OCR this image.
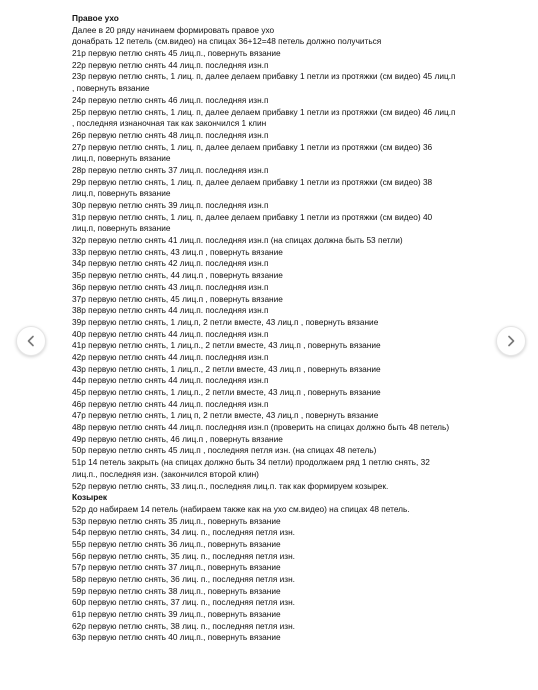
Правое ухо
Далее в 20 ряду начинаем формировать правое ухо
донабрать 12 петель (см.видео) на спицах 36+12=48 петель должно получиться
21р первую петлю снять 45 лиц.п., повернуть вязание
22р первую петлю снять 44 лиц.п. последняя изн.п
23р первую петлю снять, 1 лиц. п, далее делаем прибавку 1 петли из протяжки (см видео) 45 лиц.п
, повернуть вязание
24р первую петлю снять 46 лиц.п. последняя изн.п
25р первую петлю снять, 1 лиц. п, далее делаем прибавку 1 петли из протяжки (см видео) 46 лиц.п
, последняя изнаночная так как закончился 1 клин
26р первую петлю снять 48 лиц.п. последняя изн.п
27р первую петлю снять, 1 лиц. п, далее делаем прибавку 1 петли из протяжки (см видео) 36
лиц.п, повернуть вязание
28р первую петлю снять 37 лиц.п. последняя изн.п
29р первую петлю снять, 1 лиц. п, далее делаем прибавку 1 петли из протяжки (см видео) 38
лиц.п, повернуть вязание
30р первую петлю снять 39 лиц.п. последняя изн.п
31р первую петлю снять, 1 лиц. п, далее делаем прибавку 1 петли из протяжки (см видео) 40
лиц.п, повернуть вязание
32р первую петлю снять 41 лиц.п. последняя изн.п (на спицах должна быть 53 петли)
33р первую петлю снять, 43 лиц.п , повернуть вязание
34р первую петлю снять 42 лиц.п. последняя изн.п
35р первую петлю снять, 44 лиц.п , повернуть вязание
36р первую петлю снять 43 лиц.п. последняя изн.п
37р первую петлю снять, 45 лиц.п , повернуть вязание
38р первую петлю снять 44 лиц.п. последняя изн.п
39р первую петлю снять, 1 лиц.п, 2 петли вместе, 43 лиц.п , повернуть вязание
40р первую петлю снять 44 лиц.п. последняя изн.п
41р первую петлю снять, 1 лиц.п., 2 петли вместе, 43 лиц.п , повернуть вязание
42р первую петлю снять 44 лиц.п. последняя изн.п
43р первую петлю снять, 1 лиц.п., 2 петли вместе, 43 лиц.п , повернуть вязание
44р первую петлю снять 44 лиц.п. последняя изн.п
45р первую петлю снять, 1 лиц.п., 2 петли вместе, 43 лиц.п , повернуть вязание
46р первую петлю снять 44 лиц.п. последняя изн.п
47р первую петлю снять, 1 лиц п, 2 петли вместе, 43 лиц.п , повернуть вязание
48р первую петлю снять 44 лиц.п. последняя изн.п (проверить на спицах должно быть 48 петель)
49р первую петлю снять, 46 лиц.п , повернуть вязание
50р первую петлю снять 45 лиц.п , последняя петля изн. (на спицах 48 петель)
51р 14 петель закрыть (на спицах должно быть 34 петли) продолжаем ряд 1 петлю снять, 32
лиц.п., последняя изн. (закончился второй клин)
52р первую петлю снять, 33 лиц.п., последняя лиц.п. так как формируем козырек.
Козырек
52р до набираем 14 петель (набираем также как на ухо см.видео) на спицах 48 петель.
53р первую петлю снять 35 лиц.п., повернуть вязание
54р первую петлю снять, 34 лиц. п., последняя петля изн.
55р первую петлю снять 36 лиц.п., повернуть вязание
56р первую петлю снять, 35 лиц. п., последняя петля изн.
57р первую петлю снять 37 лиц.п., повернуть вязание
58р первую петлю снять, 36 лиц. п., последняя петля изн.
59р первую петлю снять 38 лиц.п., повернуть вязание
60р первую петлю снять, 37 лиц. п., последняя петля изн.
61р первую петлю снять 39 лиц.п., повернуть вязание
62р первую петлю снять, 38 лиц. п., последняя петля изн.
63р первую петлю снять 40 лиц.п., повернуть вязание
